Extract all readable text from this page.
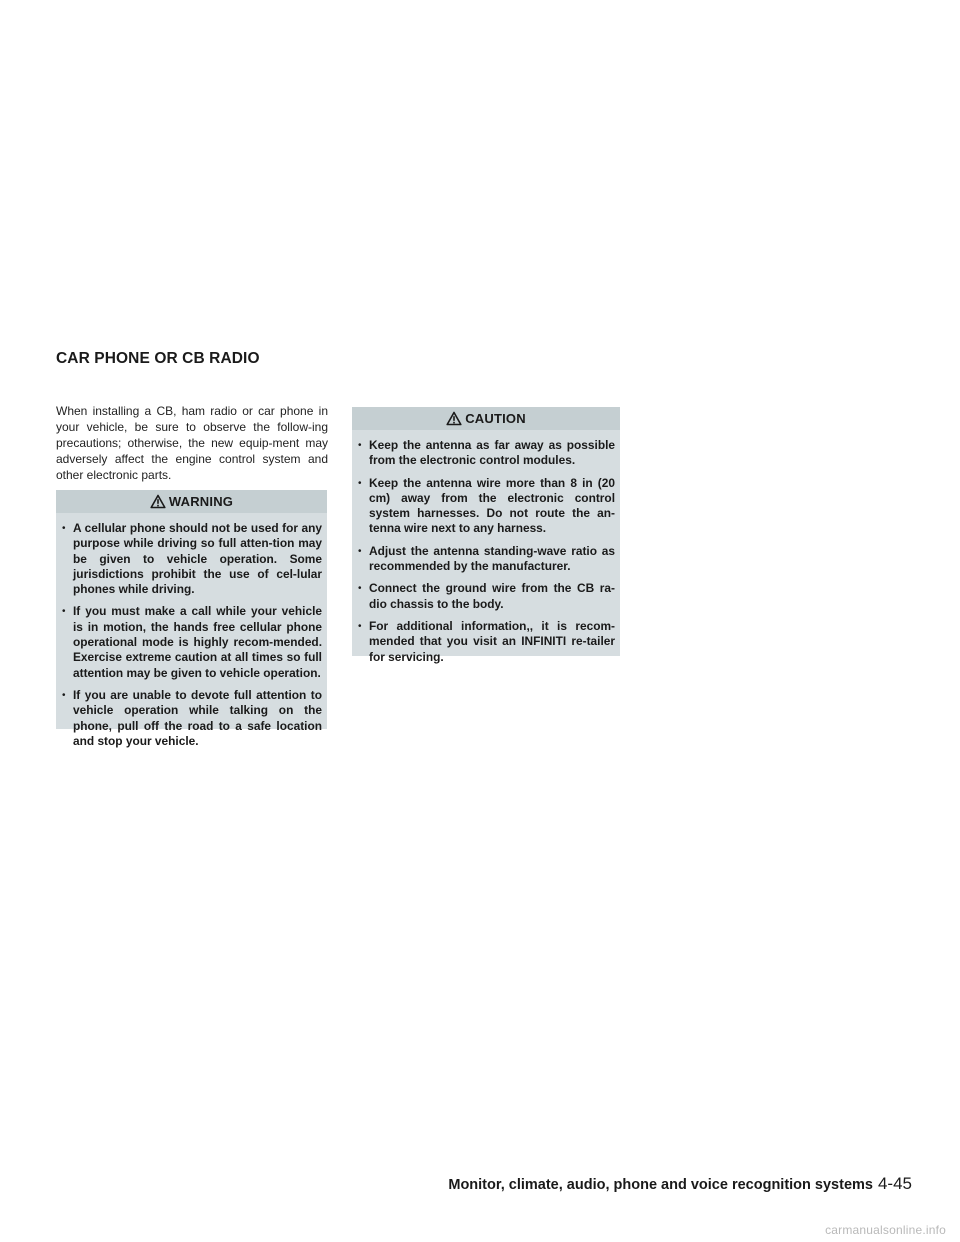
CAR PHONE OR CB RADIO

When installing a CB, ham radio or car phone in your vehicle, be sure to observe the follow-ing precautions; otherwise, the new equip-ment may adversely affect the engine control system and other electronic parts.

WARNING
• A cellular phone should not be used for any purpose while driving so full atten-tion may be given to vehicle operation. Some jurisdictions prohibit the use of cel-lular phones while driving.
• If you must make a call while your vehicle is in motion, the hands free cellular phone operational mode is highly recom-mended. Exercise extreme caution at all times so full attention may be given to vehicle operation.
• If you are unable to devote full attention to vehicle operation while talking on the phone, pull off the road to a safe location and stop your vehicle.
CAUTION
• Keep the antenna as far away as possible from the electronic control modules.
• Keep the antenna wire more than 8 in (20 cm) away from the electronic control system harnesses. Do not route the an-tenna wire next to any harness.
• Adjust the antenna standing-wave ratio as recommended by the manufacturer.
• Connect the ground wire from the CB ra-dio chassis to the body.
• For additional information,, it is recom-mended that you visit an INFINITI re-tailer for servicing.
Monitor, climate, audio, phone and voice recognition systems 4-45
carmanualsonline.info
